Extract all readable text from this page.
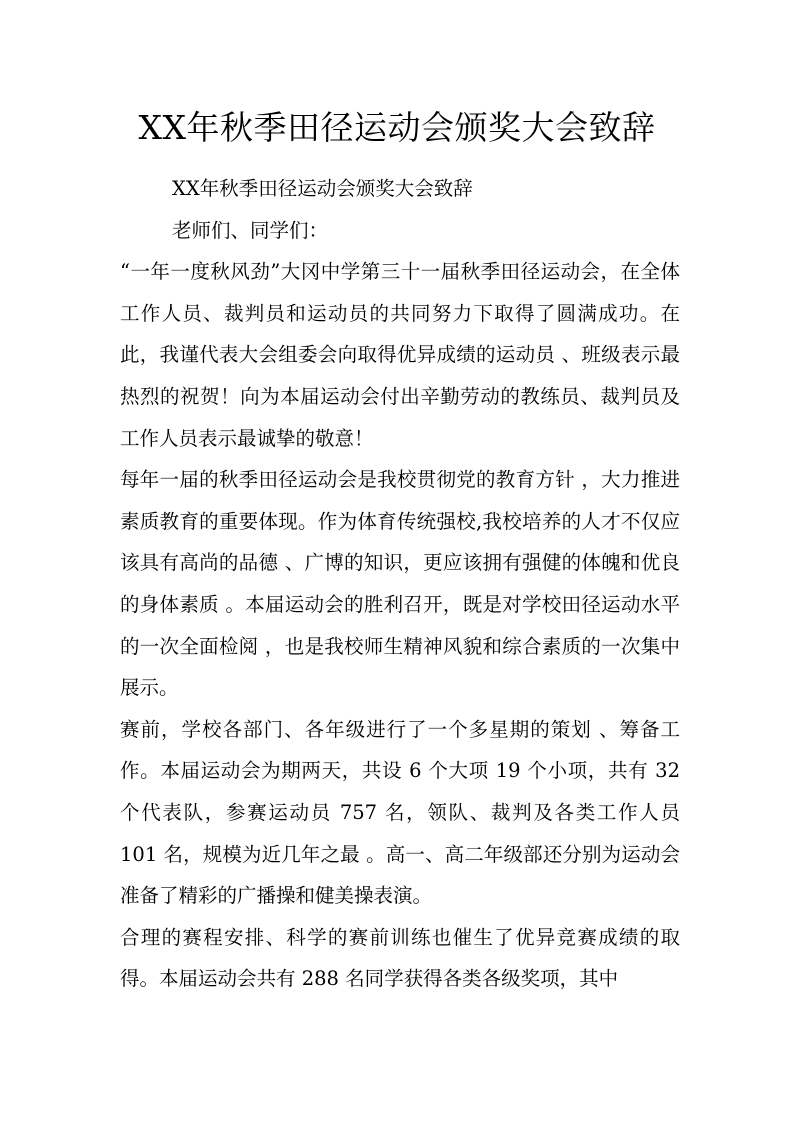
XX年秋季田径运动会颁奖大会致辞

XX年秋季田径运动会颁奖大会致辞

老师们、同学们：

“一年一度秋风劲”大冈中学第三十一届秋季田径运动会，在全体工作人员、裁判员和运动员的共同努力下取得了圆满成功。在此，我谨代表大会组委会向取得优异成绩的运动员 、班级表示最热烈的祝贺！向为本届运动会付出辛勤劳动的教练员、裁判员及工作人员表示最诚挚的敬意！

每年一届的秋季田径运动会是我校贯彻党的教育方针 ，大力推进素质教育的重要体现。作为体育传统强校,我校培养的人才不仅应该具有高尚的品德 、广博的知识，更应该拥有强健的体魄和优良的身体素质 。本届运动会的胜利召开，既是对学校田径运动水平的一次全面检阅 ，也是我校师生精神风貌和综合素质的一次集中展示。

赛前，学校各部门、各年级进行了一个多星期的策划 、筹备工作。本届运动会为期两天，共设 6 个大项 19 个小项，共有 32 个代表队，参赛运动员 757 名，领队、裁判及各类工作人员 101 名，规模为近几年之最 。高一、高二年级部还分别为运动会准备了精彩的广播操和健美操表演。

合理的赛程安排、科学的赛前训练也催生了优异竞赛成绩的取得。本届运动会共有 288 名同学获得各类各级奖项，其中
